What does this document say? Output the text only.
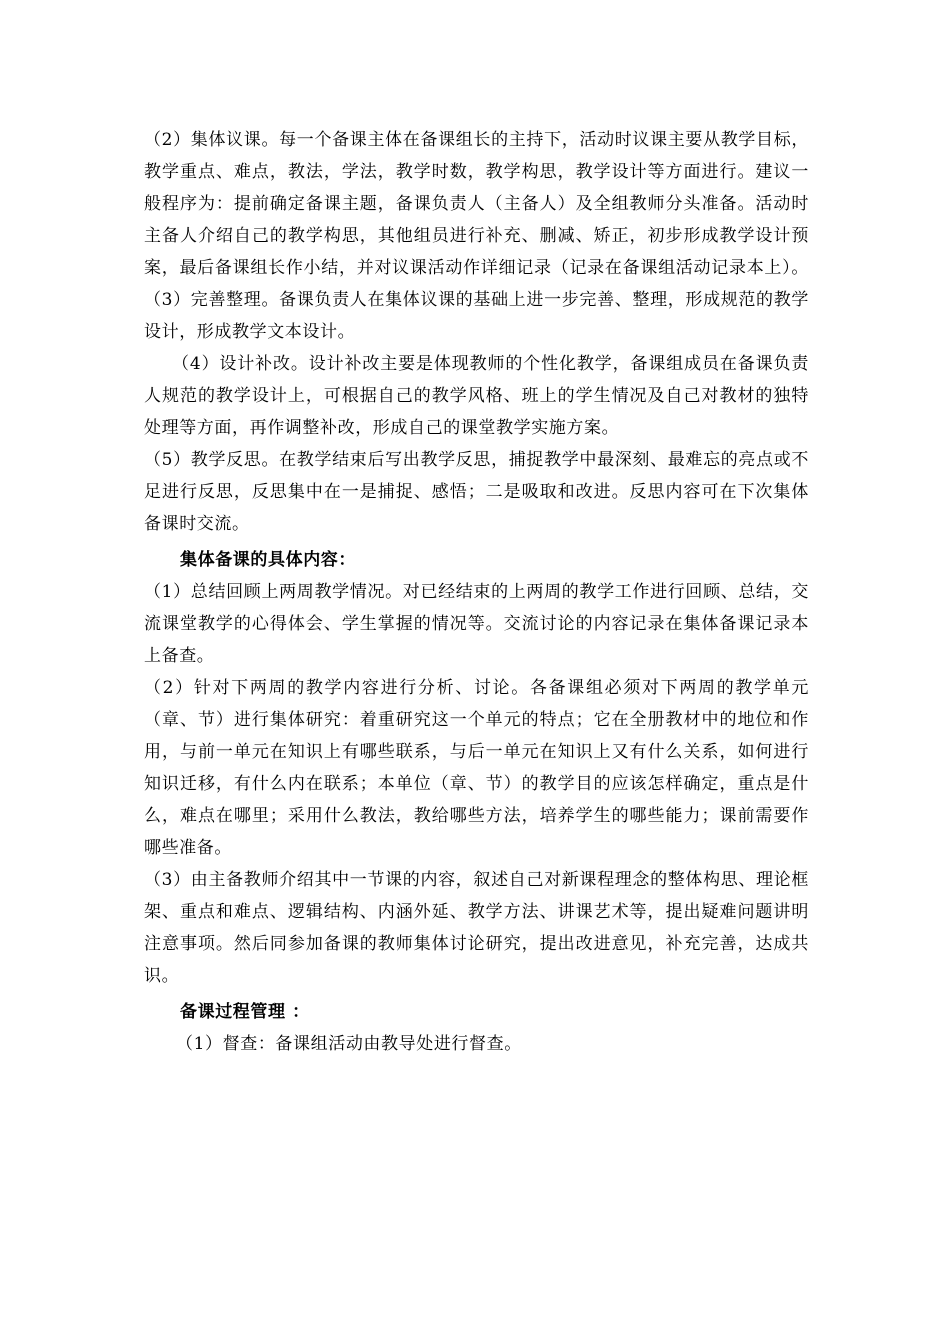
（2）集体议课。每一个备课主体在备课组长的主持下，活动时议课主要从教学目标，教学重点、难点，教法，学法，教学时数，教学构思，教学设计等方面进行。建议一般程序为：提前确定备课主题，备课负责人（主备人）及全组教师分头准备。活动时主备人介绍自己的教学构思，其他组员进行补充、删减、矫正，初步形成教学设计预案，最后备课组长作小结，并对议课活动作详细记录（记录在备课组活动记录本上）。（3）完善整理。备课负责人在集体议课的基础上进一步完善、整理，形成规范的教学设计，形成教学文本设计。

（4）设计补改。设计补改主要是体现教师的个性化教学，备课组成员在备课负责人规范的教学设计上，可根据自己的教学风格、班上的学生情况及自己对教材的独特处理等方面，再作调整补改，形成自己的课堂教学实施方案。

（5）教学反思。在教学结束后写出教学反思，捕捉教学中最深刻、最难忘的亮点或不足进行反思，反思集中在一是捕捉、感悟；二是吸取和改进。反思内容可在下次集体备课时交流。

集体备课的具体内容：

（1）总结回顾上两周教学情况。对已经结束的上两周的教学工作进行回顾、总结，交流课堂教学的心得体会、学生掌握的情况等。交流讨论的内容记录在集体备课记录本上备查。

（2）针对下两周的教学内容进行分析、讨论。各备课组必须对下两周的教学单元（章、节）进行集体研究：着重研究这一个单元的特点；它在全册教材中的地位和作用，与前一单元在知识上有哪些联系，与后一单元在知识上又有什么关系，如何进行知识迁移，有什么内在联系；本单位（章、节）的教学目的应该怎样确定，重点是什么，难点在哪里；采用什么教法，教给哪些方法，培养学生的哪些能力；课前需要作哪些准备。

（3）由主备教师介绍其中一节课的内容，叙述自己对新课程理念的整体构思、理论框架、重点和难点、逻辑结构、内涵外延、教学方法、讲课艺术等，提出疑难问题讲明注意事项。然后同参加备课的教师集体讨论研究，提出改进意见，补充完善，达成共识。

备课过程管理 ：

（1）督查：备课组活动由教导处进行督查。
